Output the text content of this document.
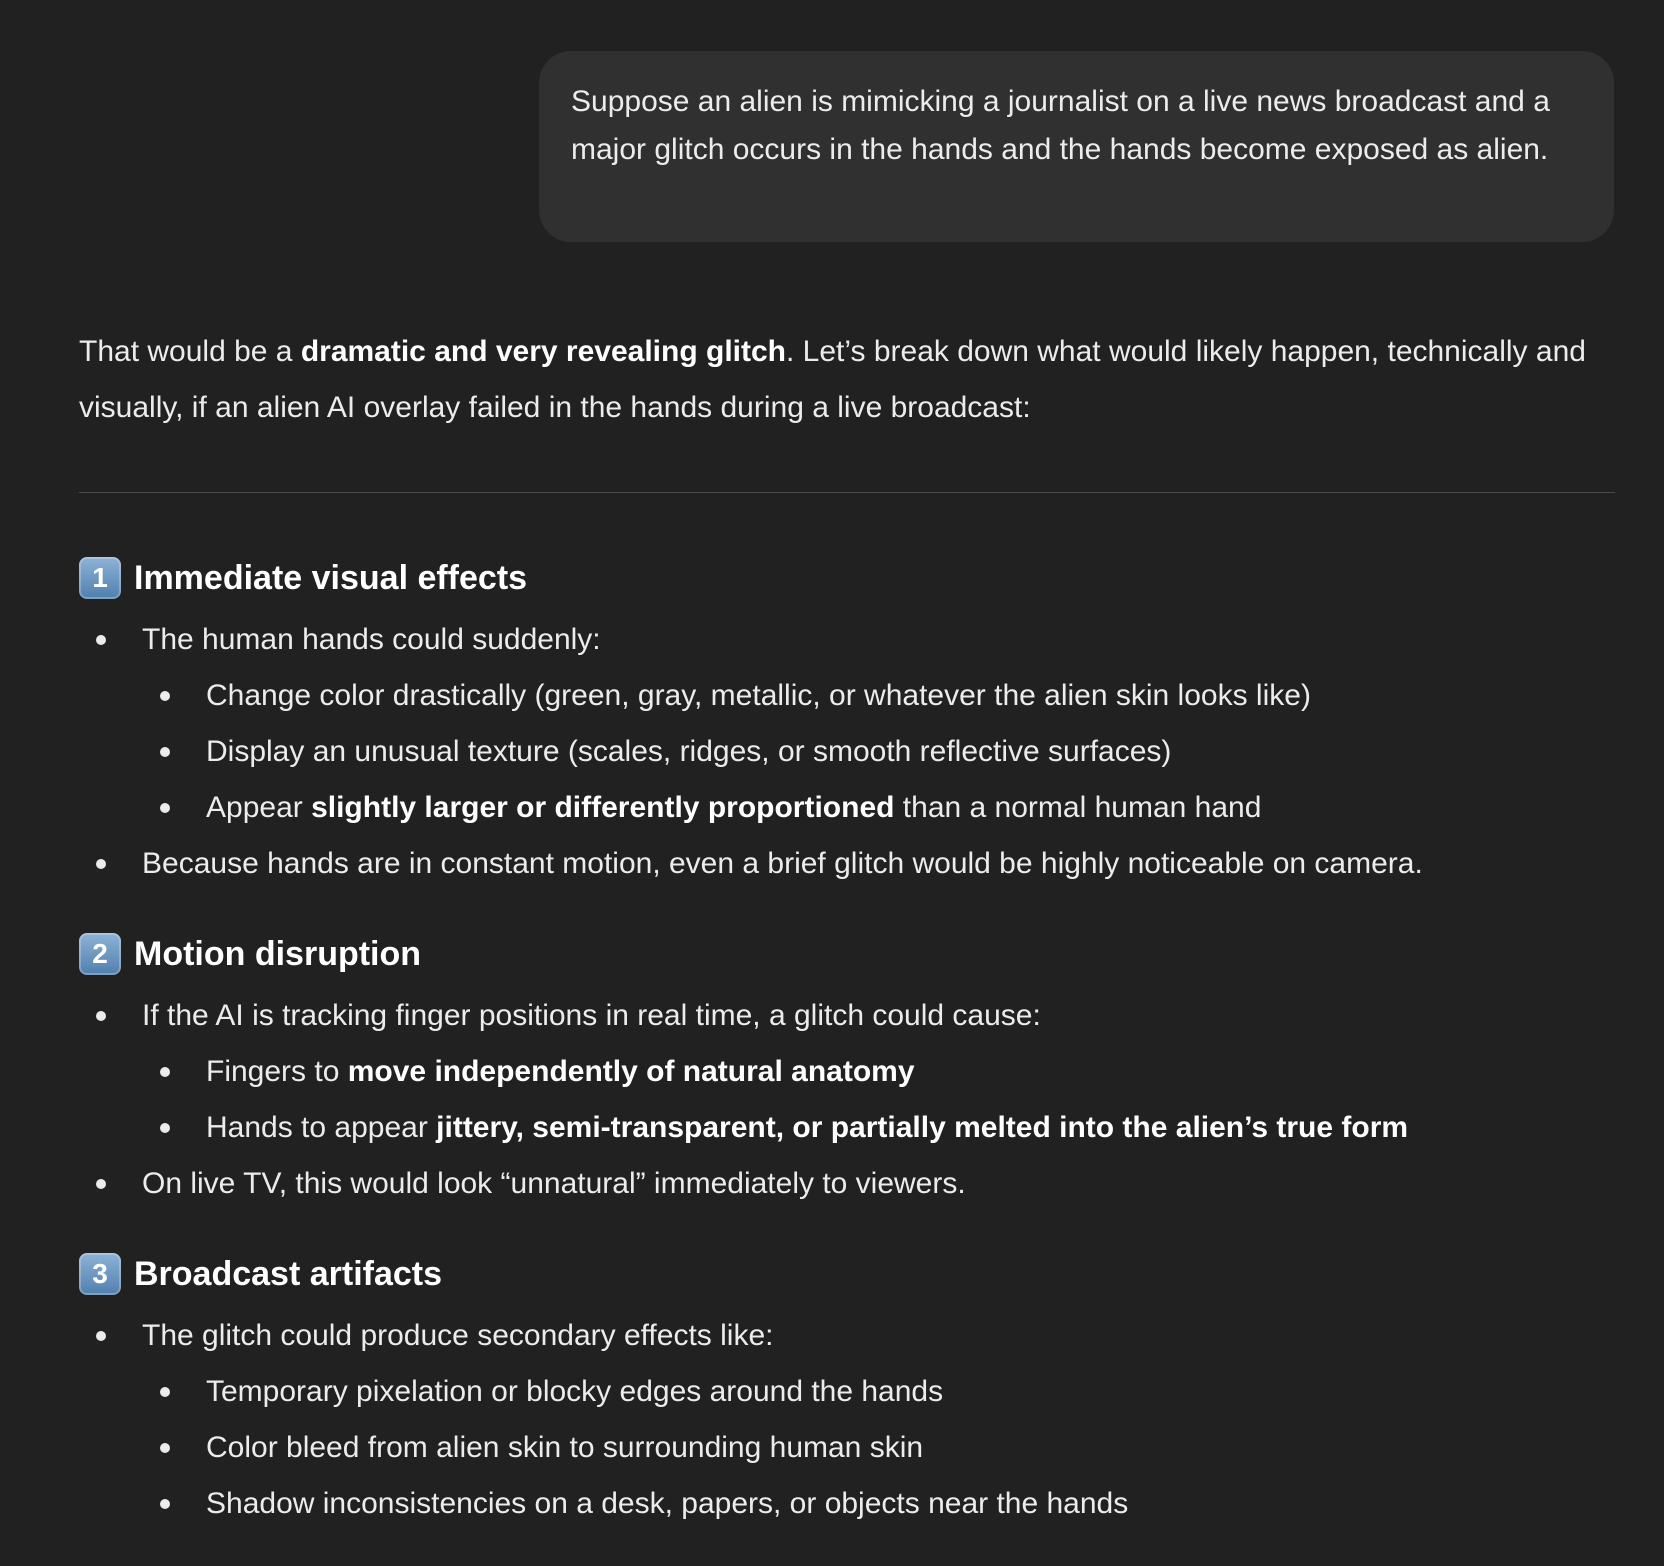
Suppose an alien is mimicking a journalist on a live news broadcast and a major glitch occurs in the hands and the hands become exposed as alien.

That would be a dramatic and very revealing glitch. Let’s break down what would likely happen, technically and visually, if an alien AI overlay failed in the hands during a live broadcast:

1 Immediate visual effects
The human hands could suddenly:
Change color drastically (green, gray, metallic, or whatever the alien skin looks like)
Display an unusual texture (scales, ridges, or smooth reflective surfaces)
Appear slightly larger or differently proportioned than a normal human hand
Because hands are in constant motion, even a brief glitch would be highly noticeable on camera.
2 Motion disruption
If the AI is tracking finger positions in real time, a glitch could cause:
Fingers to move independently of natural anatomy
Hands to appear jittery, semi-transparent, or partially melted into the alien’s true form
On live TV, this would look “unnatural” immediately to viewers.
3 Broadcast artifacts
The glitch could produce secondary effects like:
Temporary pixelation or blocky edges around the hands
Color bleed from alien skin to surrounding human skin
Shadow inconsistencies on a desk, papers, or objects near the hands
